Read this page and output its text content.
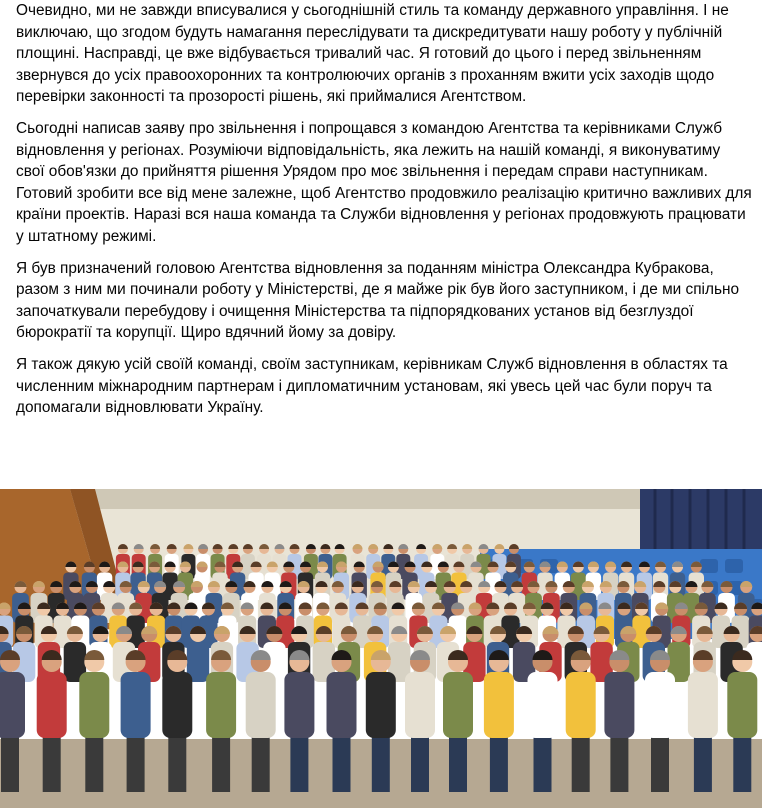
Очевидно, ми не завжди вписувалися у сьогоднішній стиль та команду державного управління. І не виключаю, що згодом будуть намагання переслідувати та дискредитувати нашу роботу у публічній площині. Насправді, це вже відбувається тривалий час. Я готовий до цього і перед звільненням звернувся до усіх правоохоронних та контролюючих органів з проханням вжити усіх заходів щодо перевірки законності та прозорості рішень, які приймалися Агентством.

Сьогодні написав заяву про звільнення і попрощався з командою Агентства та керівниками Служб відновлення у регіонах. Розуміючи відповідальність, яка лежить на нашій команді, я виконуватиму свої обов'язки до прийняття рішення Урядом про моє звільнення і передам справи наступникам. Готовий зробити все від мене залежне, щоб Агентство продовжило реалізацію критично важливих для країни проектів. Наразі вся наша команда та Служби відновлення у регіонах продовжують працювати у штатному режимі.

Я був призначений головою Агентства відновлення за поданням міністра Олександра Кубракова, разом з ним ми починали роботу у Міністерстві, де я майже рік був його заступником, і де ми спільно започаткували перебудову і очищення Міністерства та підпорядкованих установ від безглуздої бюрократії та корупції. Щиро вдячний йому за довіру.

Я також дякую усій своїй команді, своїм заступникам, керівникам Служб відновлення в областях та численним міжнародним партнерам і дипломатичним установам, які увесь цей час були поруч та допомагали відновлювати Україну.
